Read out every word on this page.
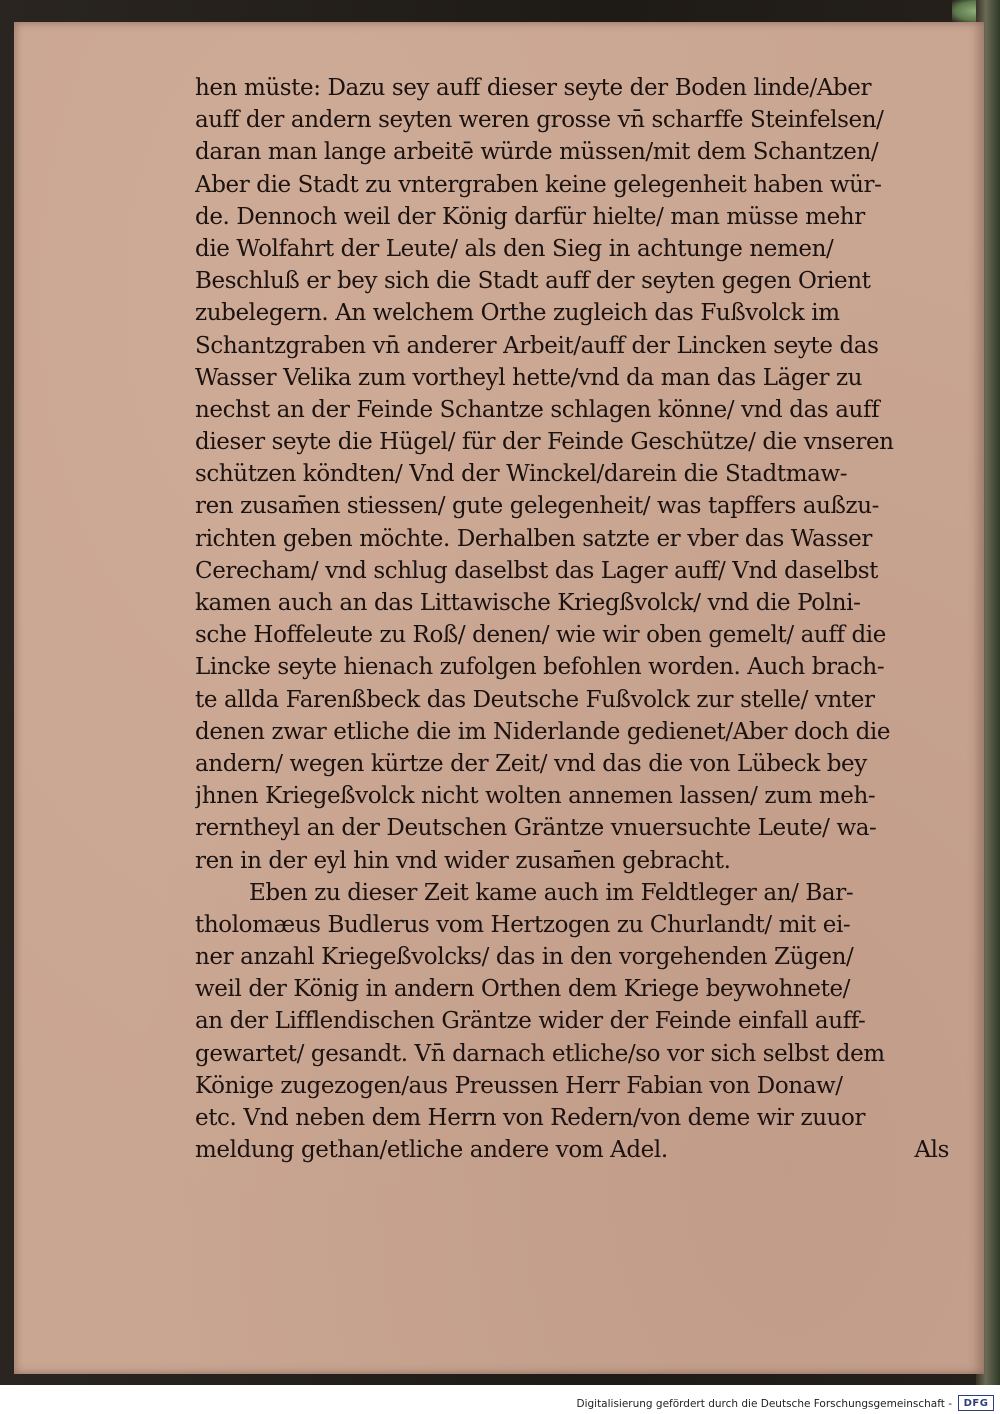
hen müste: Dazu sey auff dieser seyte der Boden linde/Aber
auff der andern seyten weren grosse vn̄ scharffe Steinfelsen/
daran man lange arbeitē würde müssen/mit dem Schantzen/
Aber die Stadt zu vntergraben keine gelegenheit haben wür-
de. Dennoch weil der König darfür hielte/ man müsse mehr
die Wolfahrt der Leute/ als den Sieg in achtunge nemen/
Beschluß er bey sich die Stadt auff der seyten gegen Orient
zubelegern. An welchem Orthe zugleich das Fußvolck im
Schantzgraben vn̄ anderer Arbeit/auff der Lincken seyte das
Wasser Velika zum vortheyl hette/vnd da man das Läger zu
nechst an der Feinde Schantze schlagen könne/ vnd das auff
dieser seyte die Hügel/ für der Feinde Geschütze/ die vnseren
schützen köndten/ Vnd der Winckel/darein die Stadtmaw-
ren zusam̄en stiessen/ gute gelegenheit/ was tapffers außzu-
richten geben möchte. Derhalben satzte er vber das Wasser
Cerecham/ vnd schlug daselbst das Lager auff/ Vnd daselbst
kamen auch an das Littawische Kriegßvolck/ vnd die Polni-
sche Hoffeleute zu Roß/ denen/ wie wir oben gemelt/ auff die
Lincke seyte hienach zufolgen befohlen worden. Auch brach-
te allda Farenßbeck das Deutsche Fußvolck zur stelle/ vnter
denen zwar etliche die im Niderlande gedienet/Aber doch die
andern/ wegen kürtze der Zeit/ vnd das die von Lübeck bey
jhnen Kriegeßvolck nicht wolten annemen lassen/ zum meh-
rerntheyl an der Deutschen Gräntze vnuersuchte Leute/ wa-
ren in der eyl hin vnd wider zusam̄en gebracht.
Eben zu dieser Zeit kame auch im Feldtleger an/ Bar-
tholomæus Budlerus vom Hertzogen zu Churlandt/ mit ei-
ner anzahl Kriegeßvolcks/ das in den vorgehenden Zügen/
weil der König in andern Orthen dem Kriege beywohnete/
an der Lifflendischen Gräntze wider der Feinde einfall auff-
gewartet/ gesandt. Vn̄ darnach etliche/so vor sich selbst dem
Könige zugezogen/aus Preussen Herr Fabian von Donaw/
etc. Vnd neben dem Herrn von Redern/von deme wir zuuor
meldung gethan/etliche andere vom Adel.	Als
Digitalisierung gefördert durch die Deutsche Forschungsgemeinschaft -	DFG
